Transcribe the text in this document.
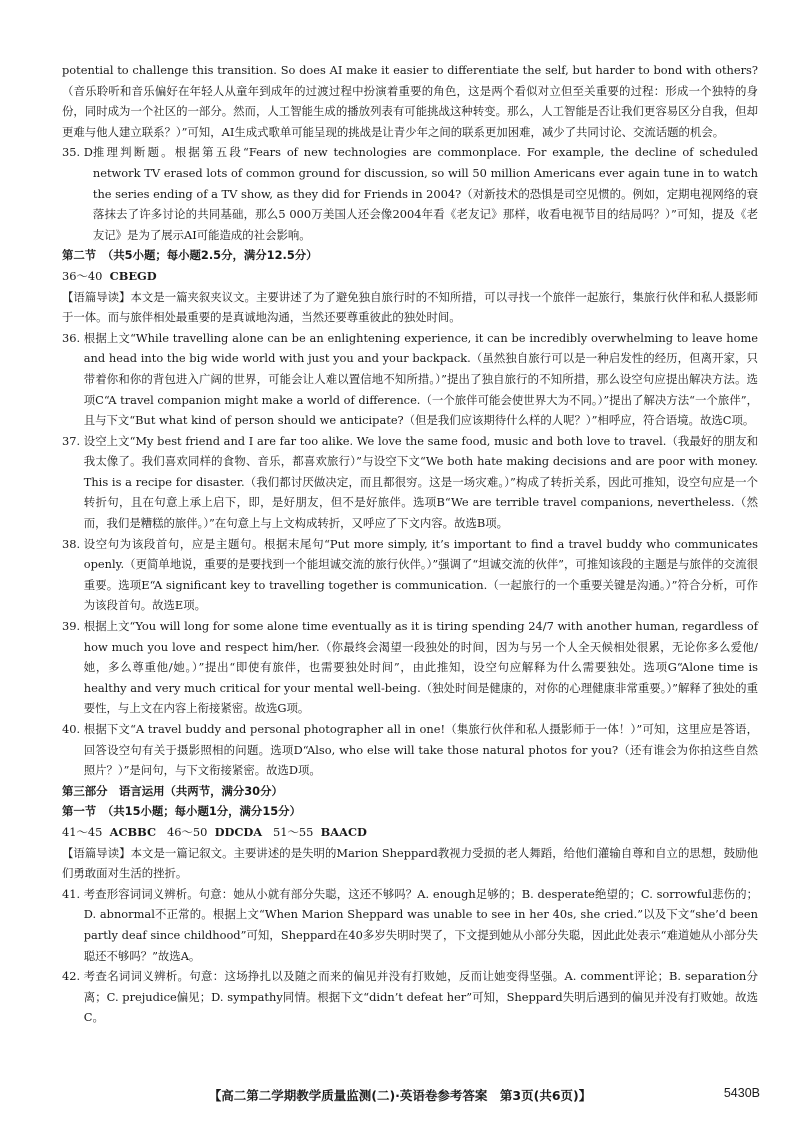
potential to challenge this transition. So does AI make it easier to differentiate the self, but harder to bond with others?（音乐聆听和音乐偏好在年轻人从童年到成年的过渡过程中扮演着重要的角色，这是两个看似对立但至关重要的过程：形成一个独特的身份，同时成为一个社区的一部分。然而，人工智能生成的播放列表有可能挑战这种转变。那么，人工智能是否让我们更容易区分自我，但却更难与他人建立联系？）”可知，AI生成式歌单可能呈现的挑战是让青少年之间的联系更加困难，减少了共同讨论、交流话题的机会。

35. D 推理判断题。根据第五段“Fears of new technologies are commonplace. For example, the decline of scheduled network TV erased lots of common ground for discussion, so will 50 million Americans ever again tune in to watch the series ending of a TV show, as they did for Friends in 2004?（对新技术的恐惧是司空见惯的。例如，定期电视网络的衰落抹去了许多讨论的共同基础，那么5 000万美国人还会像2004年看《老友记》那样，收看电视节目的结局吗？）”可知，提及《老友记》是为了展示AI可能造成的社会影响。

第二节　（共5小题；每小题2.5分，满分12.5分）

36～40 CBEGD

【语篇导读】本文是一篇夹叙夹议文。主要讲述了为了避免独自旅行时的不知所措，可以寻找一个旅伴一起旅行，集旅行伙伴和私人摄影师于一体。而与旅伴相处最重要的是真诚地沟通，当然还要尊重彼此的独处时间。

36. 根据上文“While travelling alone can be an enlightening experience, it can be incredibly overwhelming to leave home and head into the big wide world with just you and your backpack.（虽然独自旅行可以是一种启发性的经历，但离开家，只带着你和你的背包进入广阔的世界，可能会让人难以置信地不知所措。）”提出了独自旅行的不知所措，那么设空句应提出解决方法。选项C“A travel companion might make a world of difference.（一个旅伴可能会使世界大为不同。）”提出了解决方法“一个旅伴”，且与下文“But what kind of person should we anticipate?（但是我们应该期待什么样的人呢？）”相呼应，符合语境。故选C项。
37. 设空上文“My best friend and I are far too alike. We love the same food, music and both love to travel.（我最好的朋友和我太像了。我们喜欢同样的食物、音乐，都喜欢旅行）”与设空下文“We both hate making decisions and are poor with money. This is a recipe for disaster.（我们都讨厌做决定，而且都很穷。这是一场灾难。）”构成了转折关系，因此可推知，设空句应是一个转折句，且在句意上承上启下，即，是好朋友，但不是好旅伴。选项B“We are terrible travel companions, nevertheless.（然而，我们是糟糕的旅伴。）”在句意上与上文构成转折，又呼应了下文内容。故选B项。
38. 设空句为该段首句，应是主题句。根据末尾句“Put more simply, it’s important to find a travel buddy who communicates openly.（更简单地说，重要的是要找到一个能坦诚交流的旅行伙伴。）”强调了“坦诚交流的伙伴”，可推知该段的主题是与旅伴的交流很重要。选项E“A significant key to travelling together is communication.（一起旅行的一个重要关键是沟通。）”符合分析，可作为该段首句。故选E项。
39. 根据上文“You will long for some alone time eventually as it is tiring spending 24/7 with another human, regardless of how much you love and respect him/her.（你最终会渴望一段独处的时间，因为与另一个人全天候相处很累，无论你多么爱他/她，多么尊重他/她。）”提出“即使有旅伴，也需要独处时间”，由此推知，设空句应解释为什么需要独处。选项G“Alone time is healthy and very much critical for your mental well-being.（独处时间是健康的，对你的心理健康非常重要。）”解释了独处的重要性，与上文在内容上衔接紧密。故选G项。
40. 根据下文“A travel buddy and personal photographer all in one!（集旅行伙伴和私人摄影师于一体！）”可知，这里应是答语，回答设空句有关于摄影照相的问题。选项D“Also, who else will take those natural photos for you?（还有谁会为你拍这些自然照片？）”是问句，与下文衔接紧密。故选D项。

第三部分　语言运用（共两节，满分30分）

第一节　（共15小题；每小题1分，满分15分）

41～45 ACBBC 46～50 DDCDA 51～55 BAACD

【语篇导读】本文是一篇记叙文。主要讲述的是失明的Marion Sheppard教视力受损的老人舞蹈，给他们灌输自尊和自立的思想，鼓励他们勇敢面对生活的挫折。

41. 考查形容词词义辨析。句意：她从小就有部分失聪，这还不够吗？A. enough足够的；B. desperate绝望的；C. sorrowful悲伤的；D. abnormal不正常的。根据上文“When Marion Sheppard was unable to see in her 40s, she cried.”以及下文“she’d been partly deaf since childhood”可知，Sheppard在40多岁失明时哭了，下文提到她从小部分失聪，因此此处表示“难道她从小部分失聪还不够吗？”故选A。
42. 考查名词词义辨析。句意：这场挣扎以及随之而来的偏见并没有打败她，反而让她变得坚强。A. comment评论；B. separation分离；C. prejudice偏见；D. sympathy同情。根据下文“didn’t defeat her”可知，Sheppard失明后遇到的偏见并没有打败她。故选C。
【高二第二学期教学质量监测(二)·英语卷参考答案　第3页(共6页)】	5430B
